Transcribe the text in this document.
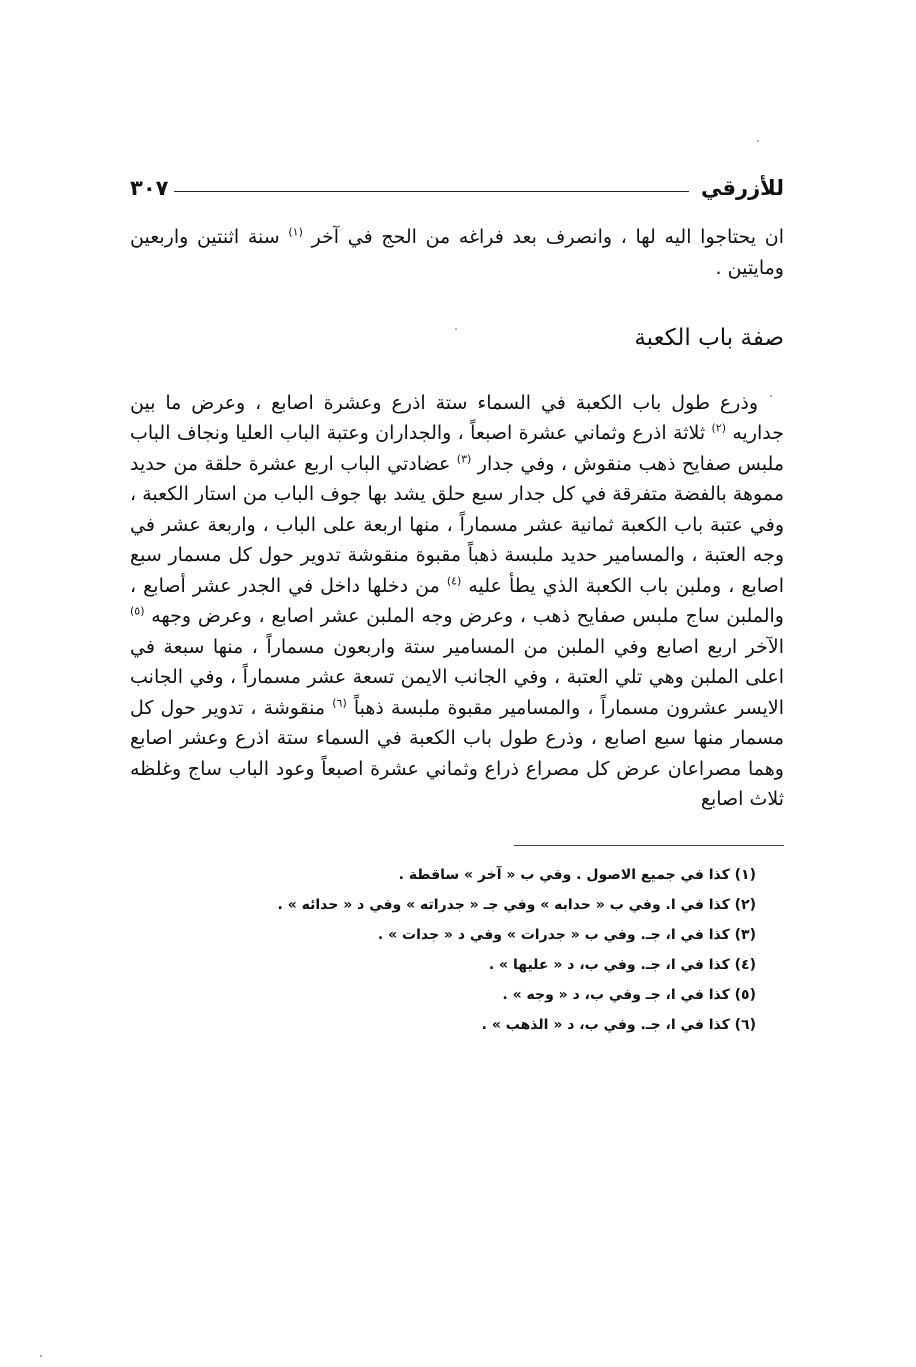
للأزرقي
٣٠٧

ان يحتاجوا اليه لها ، وانصرف بعد فراغه من الحج في آخر $^{(١)}$ سنة اثنتين واربعين ومايتين .

صفة باب الكعبة

وذرع طول باب الكعبة في السماء ستة اذرع وعشرة اصابع ، وعرض ما بين جداريه $^{(٢)}$ ثلاثة اذرع وثماني عشرة اصبعاً ، والجداران وعتبة الباب العليا ونجاف الباب ملبس صفايح ذهب منقوش ، وفي جدار $^{(٣)}$ عضادتي الباب اربع عشرة حلقة من حديد مموهة بالفضة متفرقة في كل جدار سبع حلق يشد بها جوف الباب من استار الكعبة ، وفي عتبة باب الكعبة ثمانية عشر مسماراً ، منها اربعة على الباب ، واربعة عشر في وجه العتبة ، والمسامير حديد ملبسة ذهباً مقبوة منقوشة تدوير حول كل مسمار سبع اصابع ، وملبن باب الكعبة الذي يطأ عليه $^{(٤)}$ من دخلها داخل في الجدر عشر أصابع ، والملبن ساج ملبس صفايح ذهب ، وعرض وجه الملبن عشر اصابع ، وعرض وجهه $^{(٥)}$ الآخر اربع اصابع وفي الملبن من المسامير ستة واربعون مسماراً ، منها سبعة في اعلى الملبن وهي تلي العتبة ، وفي الجانب الايمن تسعة عشر مسماراً ، وفي الجانب الايسر عشرون مسماراً ، والمسامير مقبوة ملبسة ذهباً $^{(٦)}$ منقوشة ، تدوير حول كل مسمار منها سبع اصابع ، وذرع طول باب الكعبة في السماء ستة اذرع وعشر اصابع وهما مصراعان عرض كل مصراع ذراع وثماني عشرة اصبعاً وعود الباب ساج وغلظه ثلاث اصابع

(١) كذا في جميع الاصول . وفي ب « آخر » ساقطة .
(٢) كذا في ا. وفي ب « حدابه » وفي جـ « جدراته » وفي د « حدائه » .
(٣) كذا في ا، جـ. وفي ب « جدرات » وفي د « جدات » .
(٤) كذا في ا، جـ. وفي ب، د « عليها » .
(٥) كذا في ا، جـ وفي ب، د « وجه » .
(٦) كذا في ا، جـ. وفي ب، د « الذهب » .
